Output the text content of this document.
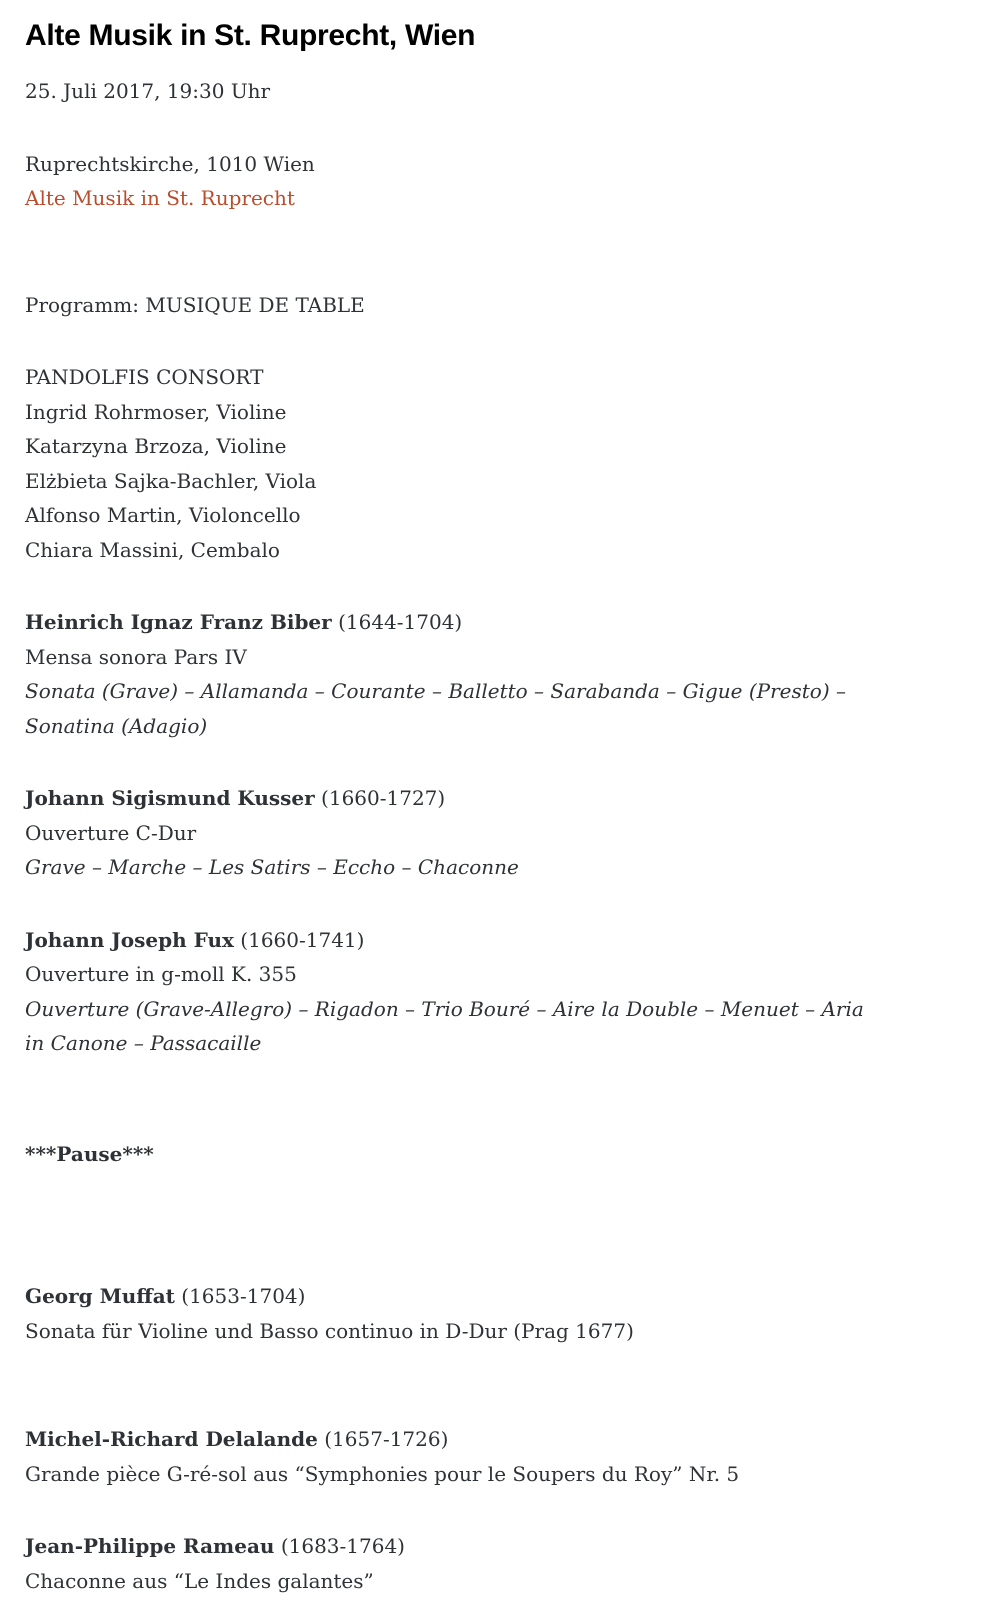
Alte Musik in St. Ruprecht, Wien
25. Juli 2017, 19:30 Uhr
Ruprechtskirche, 1010 Wien
Alte Musik in St. Ruprecht
Programm: MUSIQUE DE TABLE
PANDOLFIS CONSORT
Ingrid Rohrmoser, Violine
Katarzyna Brzoza, Violine
Elżbieta Sajka-Bachler, Viola
Alfonso Martin, Violoncello
Chiara Massini, Cembalo
Heinrich Ignaz Franz Biber (1644-1704)
Mensa sonora Pars IV
Sonata (Grave) – Allamanda – Courante – Balletto – Sarabanda – Gigue (Presto) –
Sonatina (Adagio)
Johann Sigismund Kusser (1660-1727)
Ouverture C-Dur
Grave – Marche – Les Satirs – Eccho – Chaconne
Johann Joseph Fux (1660-1741)
Ouverture in g-moll K. 355
Ouverture (Grave-Allegro) – Rigadon – Trio Bouré – Aire la Double – Menuet – Aria
in Canone – Passacaille
***Pause***
Georg Muffat (1653-1704)
Sonata für Violine und Basso continuo in D-Dur (Prag 1677)
Michel-Richard Delalande (1657-1726)
Grande pièce G-ré-sol aus “Symphonies pour le Soupers du Roy” Nr. 5
Jean-Philippe Rameau (1683-1764)
Chaconne aus “Le Indes galantes”
